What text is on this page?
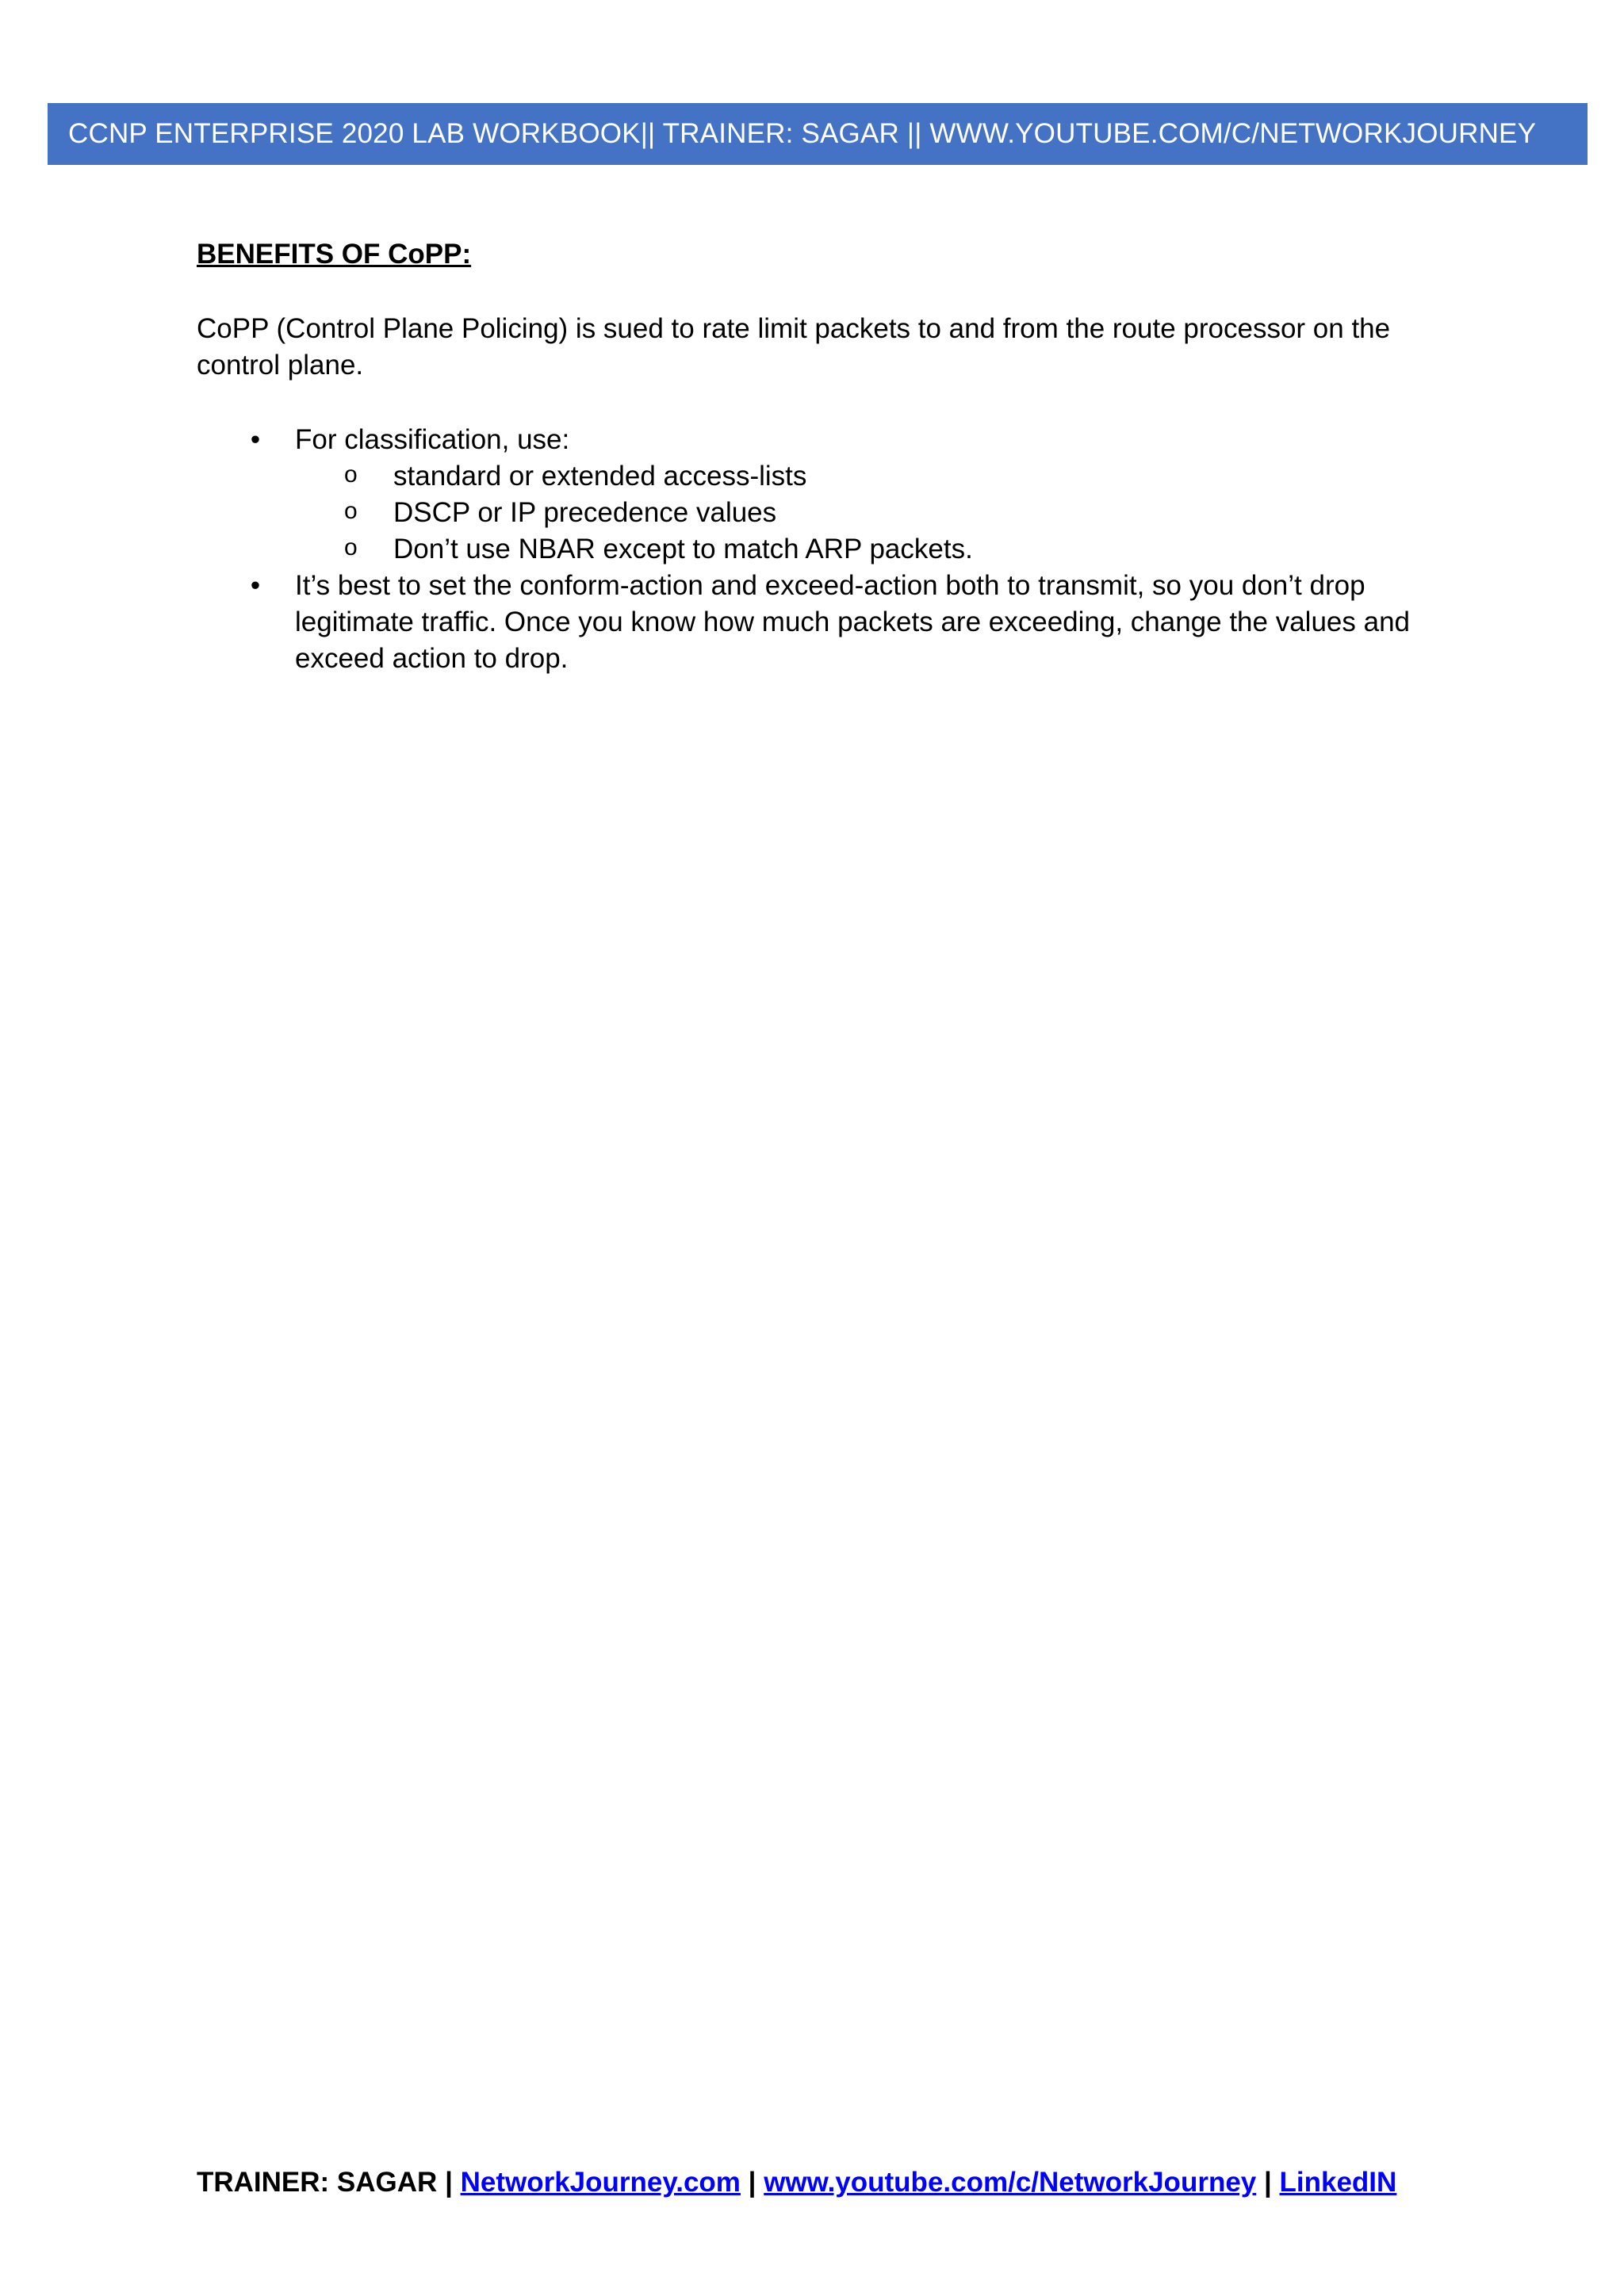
CCNP ENTERPRISE 2020 LAB WORKBOOK|| TRAINER: SAGAR || WWW.YOUTUBE.COM/C/NETWORKJOURNEY

BENEFITS OF CoPP:

CoPP (Control Plane Policing) is sued to rate limit packets to and from the route processor on the control plane.

• For classification, use:
o standard or extended access-lists
o DSCP or IP precedence values
o Don’t use NBAR except to match ARP packets.
• It’s best to set the conform-action and exceed-action both to transmit, so you don’t drop legitimate traffic. Once you know how much packets are exceeding, change the values and exceed action to drop.
TRAINER: SAGAR | NetworkJourney.com | www.youtube.com/c/NetworkJourney | LinkedIN
